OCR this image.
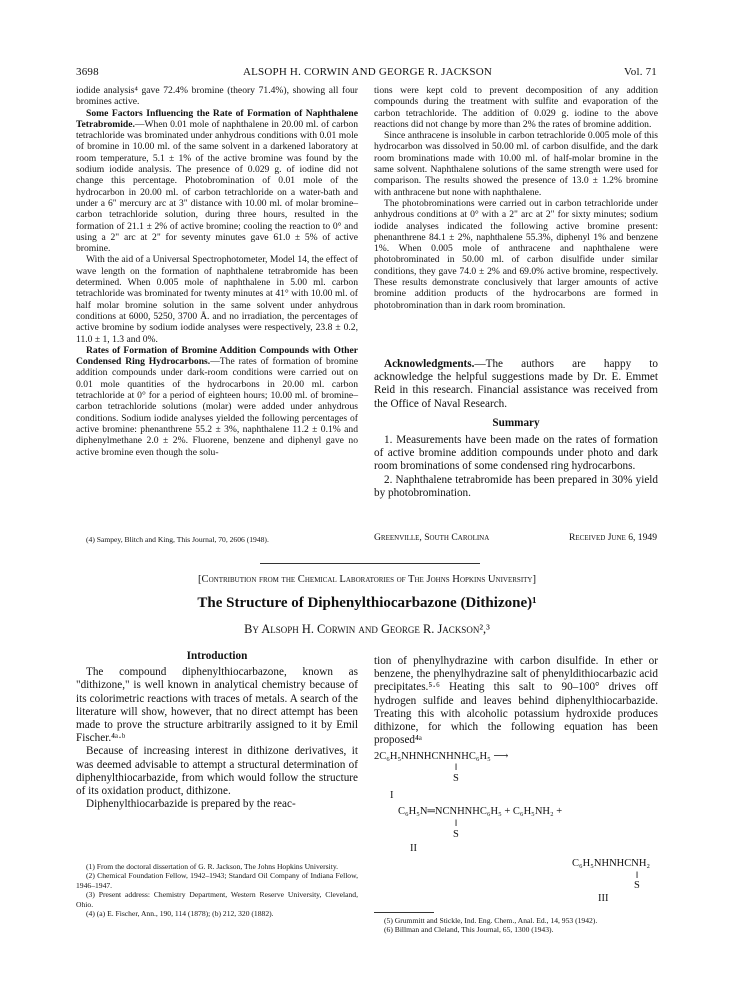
3698	ALSOPH H. CORWIN AND GEORGE R. JACKSON	Vol. 71

iodide analysis⁴ gave 72.4% bromine (theory 71.4%), showing all four bromines active.

Some Factors Influencing the Rate of Formation of Naphthalene Tetrabromide.—When 0.01 mole of naphthalene in 20.00 ml. of carbon tetrachloride was brominated under anhydrous conditions with 0.01 mole of bromine in 10.00 ml. of the same solvent in a darkened laboratory at room temperature, 5.1 ± 1% of the active bromine was found by the sodium iodide analysis. The presence of 0.029 g. of iodine did not change this percentage. Photobromination of 0.01 mole of the hydrocarbon in 20.00 ml. of carbon tetrachloride on a water-bath and under a 6" mercury arc at 3" distance with 10.00 ml. of molar bromine–carbon tetrachloride solution, during three hours, resulted in the formation of 21.1 ± 2% of active bromine; cooling the reaction to 0° and using a 2" arc at 2" for seventy minutes gave 61.0 ± 5% of active bromine.

With the aid of a Universal Spectrophotometer, Model 14, the effect of wave length on the formation of naphthalene tetrabromide has been determined. When 0.005 mole of naphthalene in 5.00 ml. carbon tetrachloride was brominated for twenty minutes at 41° with 10.00 ml. of half molar bromine solution in the same solvent under anhydrous conditions at 6000, 5250, 3700 Å. and no irradiation, the percentages of active bromine by sodium iodide analyses were respectively, 23.8 ± 0.2, 11.0 ± 1, 1.3 and 0%.

Rates of Formation of Bromine Addition Compounds with Other Condensed Ring Hydrocarbons.—The rates of formation of bromine addition compounds under dark-room conditions were carried out on 0.01 mole quantities of the hydrocarbons in 20.00 ml. carbon tetrachloride at 0° for a period of eighteen hours; 10.00 ml. of bromine–carbon tetrachloride solutions (molar) were added under anhydrous conditions. Sodium iodide analyses yielded the following percentages of active bromine: phenanthrene 55.2 ± 3%, naphthalene 11.2 ± 0.1% and diphenylmethane 2.0 ± 2%. Fluorene, benzene and diphenyl gave no active bromine even though the solu-

(4) Sampey, Blitch and King, This Journal, 70, 2606 (1948).

tions were kept cold to prevent decomposition of any addition compounds during the treatment with sulfite and evaporation of the carbon tetrachloride. The addition of 0.029 g. iodine to the above reactions did not change by more than 2% the rates of bromine addition.

Since anthracene is insoluble in carbon tetrachloride 0.005 mole of this hydrocarbon was dissolved in 50.00 ml. of carbon disulfide, and the dark room brominations made with 10.00 ml. of half-molar bromine in the same solvent. Naphthalene solutions of the same strength were used for comparison. The results showed the presence of 13.0 ± 1.2% bromine with anthracene but none with naphthalene.

The photobrominations were carried out in carbon tetrachloride under anhydrous conditions at 0° with a 2" arc at 2" for sixty minutes; sodium iodide analyses indicated the following active bromine present: phenanthrene 84.1 ± 2%, naphthalene 55.3%, diphenyl 1% and benzene 1%. When 0.005 mole of anthracene and naphthalene were photobrominated in 50.00 ml. of carbon disulfide under similar conditions, they gave 74.0 ± 2% and 69.0% active bromine, respectively. These results demonstrate conclusively that larger amounts of active bromine addition products of the hydrocarbons are formed in photobromination than in dark room bromination.

Acknowledgments.—The authors are happy to acknowledge the helpful suggestions made by Dr. E. Emmet Reid in this research. Financial assistance was received from the Office of Naval Research.

Summary

1. Measurements have been made on the rates of formation of active bromine addition compounds under photo and dark room brominations of some condensed ring hydrocarbons.

2. Naphthalene tetrabromide has been prepared in 30% yield by photobromination.

Greenville, South Carolina	Received June 6, 1949
[Contribution from the Chemical Laboratories of The Johns Hopkins University]
The Structure of Diphenylthiocarbazone (Dithizone)¹
By Alsoph H. Corwin and George R. Jackson²,³
Introduction

The compound diphenylthiocarbazone, known as "dithizone," is well known in analytical chemistry because of its colorimetric reactions with traces of metals. A search of the literature will show, however, that no direct attempt has been made to prove the structure arbitrarily assigned to it by Emil Fischer.⁴ᵃ·ᵇ

Because of increasing interest in dithizone derivatives, it was deemed advisable to attempt a structural determination of diphenylthiocarbazide, from which would follow the structure of its oxidation product, dithizone.

Diphenylthiocarbazide is prepared by the reac-

(1) From the doctoral dissertation of G. R. Jackson, The Johns Hopkins University.

(2) Chemical Foundation Fellow, 1942–1943; Standard Oil Company of Indiana Fellow, 1946–1947.

(3) Present address: Chemistry Department, Western Reserve University, Cleveland, Ohio.

(4) (a) E. Fischer, Ann., 190, 114 (1878); (b) 212, 320 (1882).

tion of phenylhydrazine with carbon disulfide. In ether or benzene, the phenylhydrazine salt of phenyldithiocarbazic acid precipitates.⁵·⁶ Heating this salt to 90–100° drives off hydrogen sulfide and leaves behind diphenylthiocarbazide. Treating this with alcoholic potassium hydroxide produces dithizone, for which the following equation has been proposed⁴ᵃ

2C₆H₅NHNHCNHNHC₆H₅ ⟶
‖
S
I
C₆H₅N═NCNHNHC₆H₅ + C₆H₅NH₂ +
‖
S
II
C₆H₅NHNHCNH₂
‖
S
III

(5) Grummitt and Stickle, Ind. Eng. Chem., Anal. Ed., 14, 953 (1942).

(6) Billman and Cleland, This Journal, 65, 1300 (1943).
